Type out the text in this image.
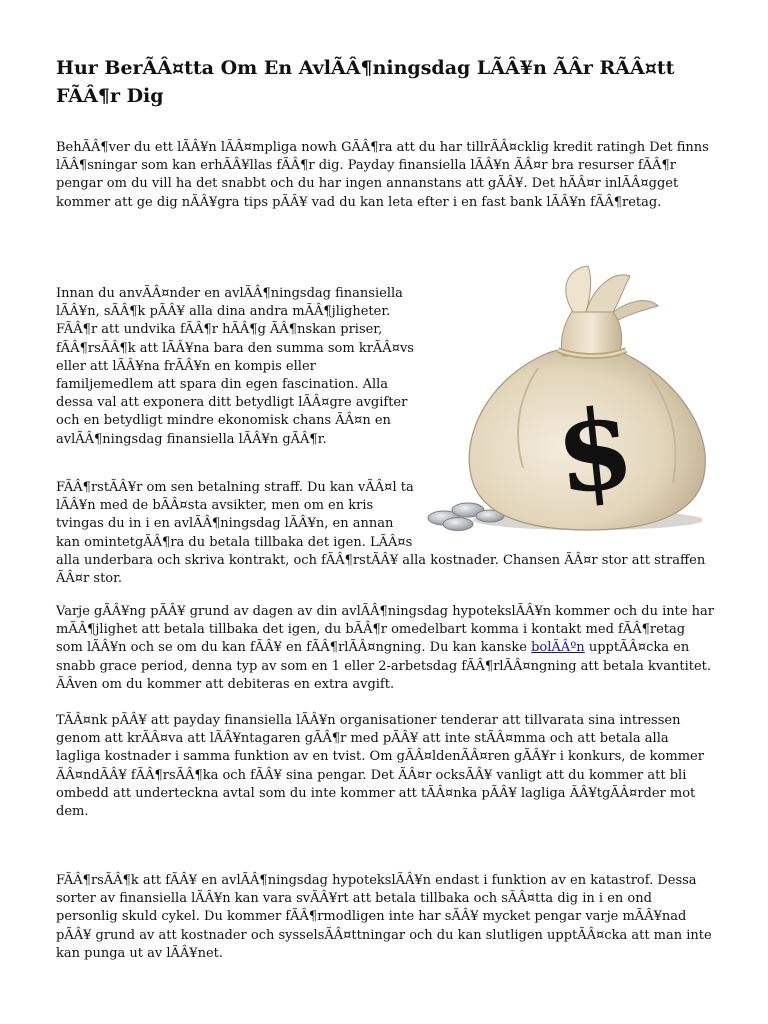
Hur BerÃÂ¤tta Om En AvlÃÂ¶ningsdag LÃÂ¥n ÃÂr RÃÂ¤tt FÃÂ¶r Dig

BehÃÂ¶ver du ett lÃÂ¥n lÃÂ¤mpliga nowh GÃÂ¶ra att du har tillrÃÂ¤cklig kredit ratingh Det finns lÃÂ¶sningar som kan erhÃÂ¥llas fÃÂ¶r dig. Payday finansiella lÃÂ¥n ÃÂ¤r bra resurser fÃÂ¶r pengar om du vill ha det snabbt och du har ingen annanstans att gÃÂ¥. Det hÃÂ¤r inlÃÂ¤gget kommer att ge dig nÃÂ¥gra tips pÃÂ¥ vad du kan leta efter i en fast bank lÃÂ¥n fÃÂ¶retag.

Innan du anvÃÂ¤nder en avlÃÂ¶ningsdag finansiella lÃÂ¥n, sÃÂ¶k pÃÂ¥ alla dina andra mÃÂ¶jligheter. FÃÂ¶r att undvika fÃÂ¶r hÃÂ¶g ÃÂ¶nskan priser, fÃÂ¶rsÃÂ¶k att lÃÂ¥na bara den summa som krÃÂ¤vs eller att lÃÂ¥na frÃÂ¥n en kompis eller familjemedlem att spara din egen fascination. Alla dessa val att exponera ditt betydligt lÃÂ¤gre avgifter och en betydligt mindre ekonomisk chans ÃÂ¤n en avlÃÂ¶ningsdag finansiella lÃÂ¥n gÃÂ¶r.

FÃÂ¶rstÃÂ¥r om sen betalning straff. Du kan vÃÂ¤l ta lÃÂ¥n med de bÃÂ¤sta avsikter, men om en kris tvingas du in i en avlÃÂ¶ningsdag lÃÂ¥n, en annan kan omintetgÃÂ¶ra du betala tillbaka det igen. LÃÂ¤s alla underbara och skriva kontrakt, och fÃÂ¶rstÃÂ¥ alla kostnader. Chansen ÃÂ¤r stor att straffen ÃÂ¤r stor.

Varje gÃÂ¥ng pÃÂ¥ grund av dagen av din avlÃÂ¶ningsdag hypotekslÃÂ¥n kommer och du inte har mÃÂ¶jlighet att betala tillbaka det igen, du bÃÂ¶r omedelbart komma i kontakt med fÃÂ¶retag som lÃÂ¥n och se om du kan fÃÂ¥ en fÃÂ¶rlÃÂ¤ngning. Du kan kanske bolÃÂºn upptÃÂ¤cka en snabb grace period, denna typ av som en 1 eller 2-arbetsdag fÃÂ¶rlÃÂ¤ngning att betala kvantitet. ÃÂven om du kommer att debiteras en extra avgift.

TÃÂ¤nk pÃÂ¥ att payday finansiella lÃÂ¥n organisationer tenderar att tillvarata sina intressen genom att krÃÂ¤va att lÃÂ¥ntagaren gÃÂ¶r med pÃÂ¥ att inte stÃÂ¤mma och att betala alla lagliga kostnader i samma funktion av en tvist. Om gÃÂ¤ldenÃÂ¤ren gÃÂ¥r i konkurs, de kommer ÃÂ¤ndÃÂ¥ fÃÂ¶rsÃÂ¶ka och fÃÂ¥ sina pengar. Det ÃÂ¤r ocksÃÂ¥ vanligt att du kommer att bli ombedd att underteckna avtal som du inte kommer att tÃÂ¤nka pÃÂ¥ lagliga ÃÂ¥tgÃÂ¤rder mot dem.

FÃÂ¶rsÃÂ¶k att fÃÂ¥ en avlÃÂ¶ningsdag hypotekslÃÂ¥n endast i funktion av en katastrof. Dessa sorter av finansiella lÃÂ¥n kan vara svÃÂ¥rt att betala tillbaka och sÃÂ¤tta dig in i en ond personlig skuld cykel. Du kommer fÃÂ¶rmodligen inte har sÃÂ¥ mycket pengar varje mÃÂ¥nad pÃÂ¥ grund av att kostnader och sysselsÃÂ¤ttningar och du kan slutligen upptÃÂ¤cka att man inte kan punga ut av lÃÂ¥net.

$
